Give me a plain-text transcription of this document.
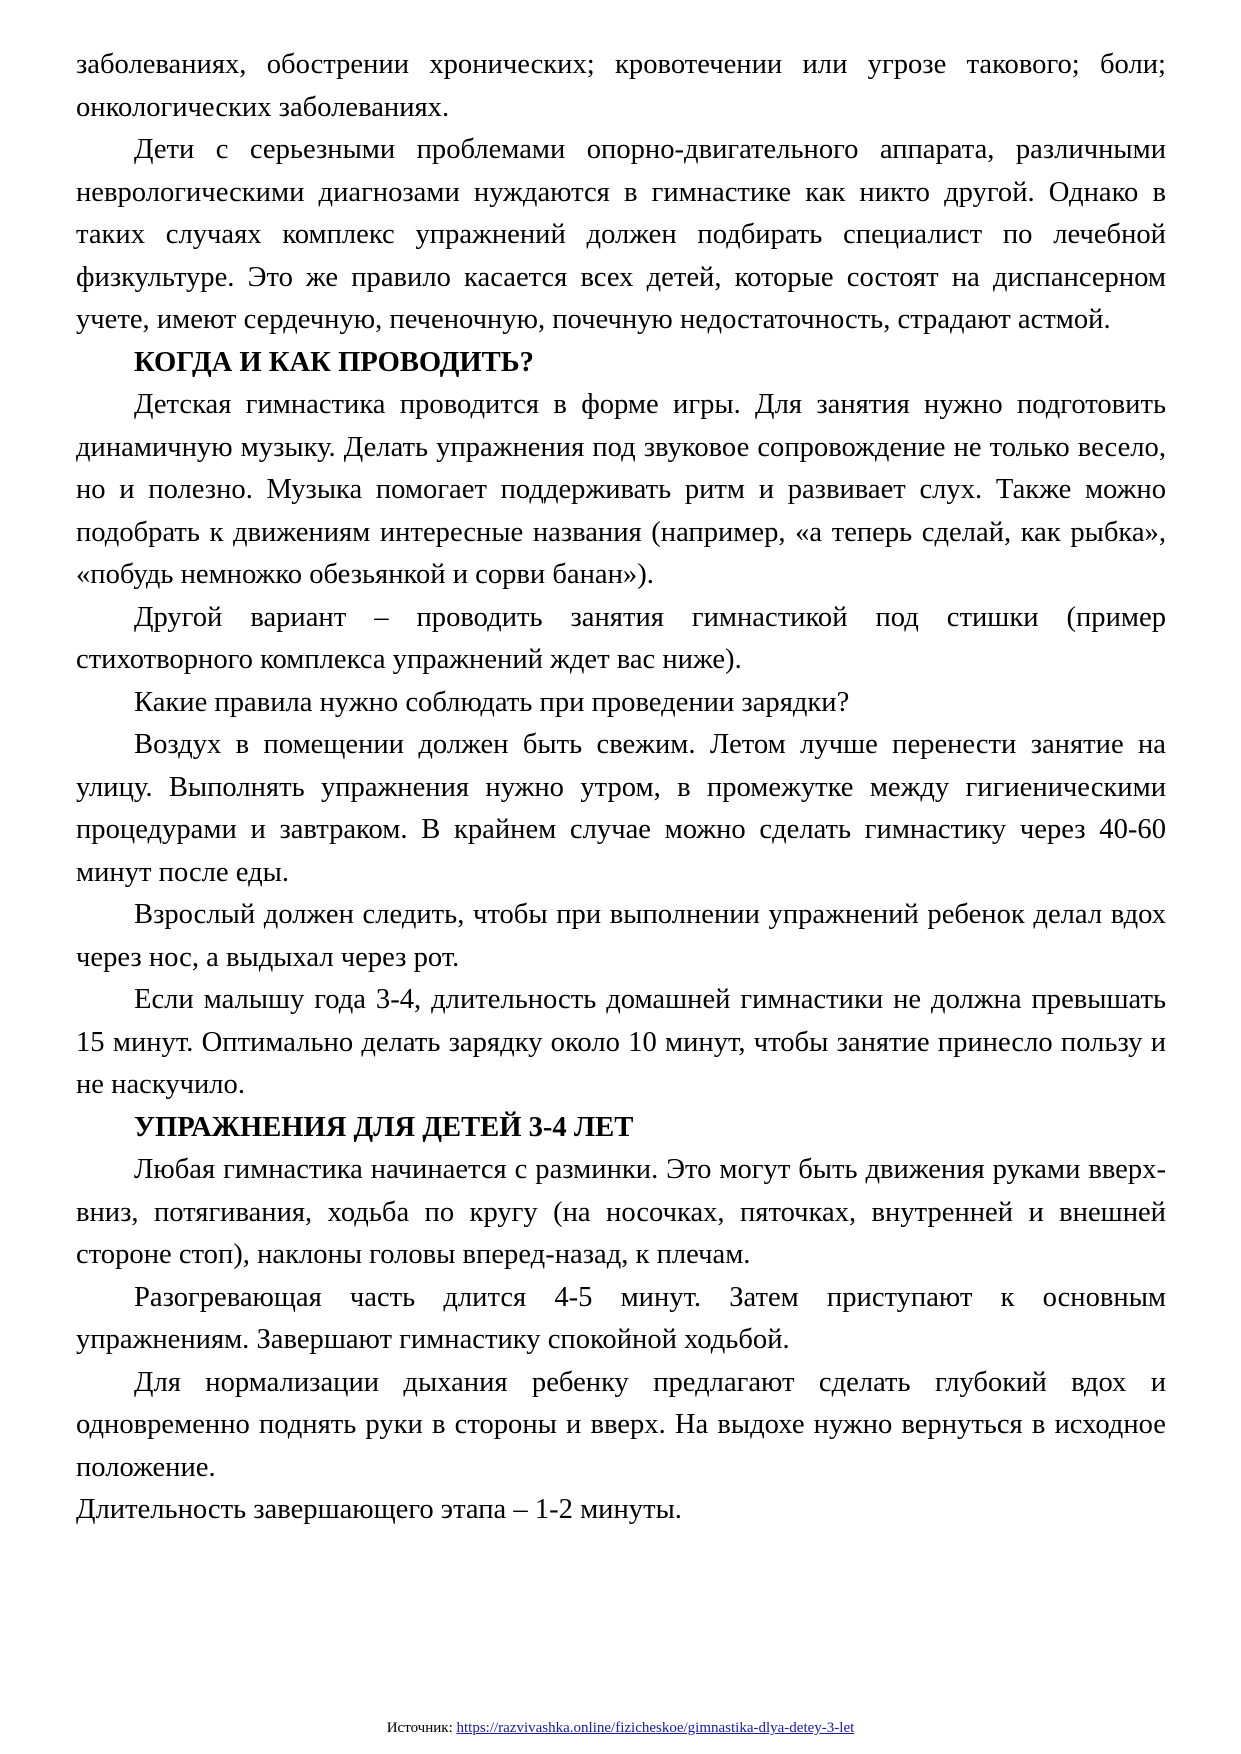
заболеваниях, обострении хронических; кровотечении или угрозе такового; боли; онкологических заболеваниях.

Дети с серьезными проблемами опорно-двигательного аппарата, различными неврологическими диагнозами нуждаются в гимнастике как никто другой. Однако в таких случаях комплекс упражнений должен подбирать специалист по лечебной физкультуре. Это же правило касается всех детей, которые состоят на диспансерном учете, имеют сердечную, печеночную, почечную недостаточность, страдают астмой.

КОГДА И КАК ПРОВОДИТЬ?

Детская гимнастика проводится в форме игры. Для занятия нужно подготовить динамичную музыку. Делать упражнения под звуковое сопровождение не только весело, но и полезно. Музыка помогает поддерживать ритм и развивает слух. Также можно подобрать к движениям интересные названия (например, «а теперь сделай, как рыбка», «побудь немножко обезьянкой и сорви банан»).

Другой вариант – проводить занятия гимнастикой под стишки (пример стихотворного комплекса упражнений ждет вас ниже).

Какие правила нужно соблюдать при проведении зарядки?

Воздух в помещении должен быть свежим. Летом лучше перенести занятие на улицу. Выполнять упражнения нужно утром, в промежутке между гигиеническими процедурами и завтраком. В крайнем случае можно сделать гимнастику через 40-60 минут после еды.

Взрослый должен следить, чтобы при выполнении упражнений ребенок делал вдох через нос, а выдыхал через рот.

Если малышу года 3-4, длительность домашней гимнастики не должна превышать 15 минут. Оптимально делать зарядку около 10 минут, чтобы занятие принесло пользу и не наскучило.

УПРАЖНЕНИЯ ДЛЯ ДЕТЕЙ 3-4 ЛЕТ

Любая гимнастика начинается с разминки. Это могут быть движения руками вверх-вниз, потягивания, ходьба по кругу (на носочках, пяточках, внутренней и внешней стороне стоп), наклоны головы вперед-назад, к плечам.

Разогревающая часть длится 4-5 минут. Затем приступают к основным упражнениям. Завершают гимнастику спокойной ходьбой.

Для нормализации дыхания ребенку предлагают сделать глубокий вдох и одновременно поднять руки в стороны и вверх. На выдохе нужно вернуться в исходное положение.

Длительность завершающего этапа – 1-2 минуты.

Источник: https://razvivashka.online/fizicheskoe/gimnastika-dlya-detey-3-let
